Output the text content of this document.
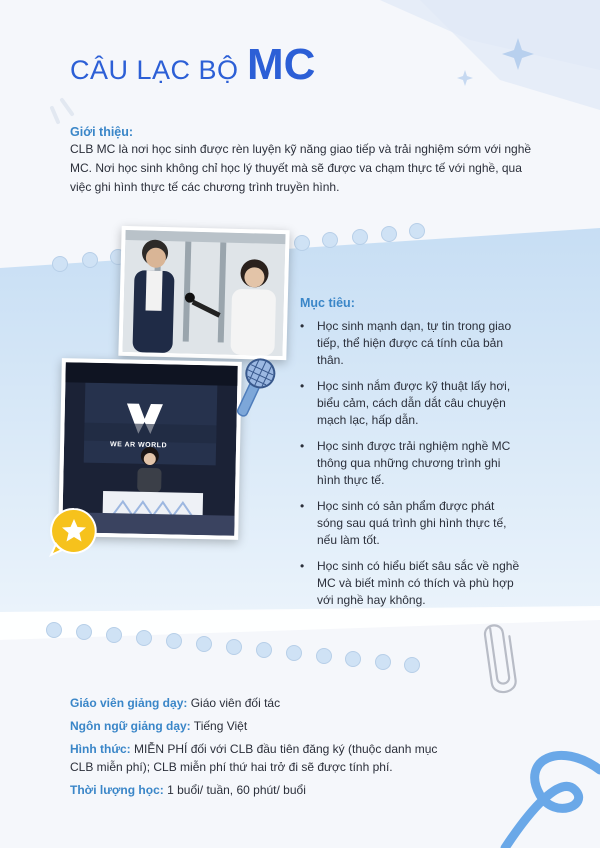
CÂU LẠC BỘ MC
Giới thiệu:
CLB MC là nơi học sinh được rèn luyện kỹ năng giao tiếp và trải nghiệm sớm với nghề MC. Nơi học sinh không chỉ học lý thuyết mà sẽ được va chạm thực tế với nghề, qua việc ghi hình thực tế các chương trình truyền hình.
WE AR WORLD
Mục tiêu:
• Học sinh mạnh dạn, tự tin trong giao tiếp, thể hiện được cá tính của bản thân.
• Học sinh nắm được kỹ thuật lấy hơi, biểu cảm, cách dẫn dắt câu chuyện mạch lạc, hấp dẫn.
• Học sinh được trải nghiệm nghề MC thông qua những chương trình ghi hình thực tế.
• Học sinh có sản phẩm được phát sóng sau quá trình ghi hình thực tế, nếu làm tốt.
• Học sinh có hiểu biết sâu sắc về nghề MC và biết mình có thích và phù hợp với nghề hay không.
Giáo viên giảng dạy: Giáo viên đối tác
Ngôn ngữ giảng dạy: Tiếng Việt
Hình thức: MIỄN PHÍ đối với CLB đầu tiên đăng ký (thuộc danh mục CLB miễn phí); CLB miễn phí thứ hai trở đi sẽ được tính phí.
Thời lượng học: 1 buổi/ tuần, 60 phút/ buổi
